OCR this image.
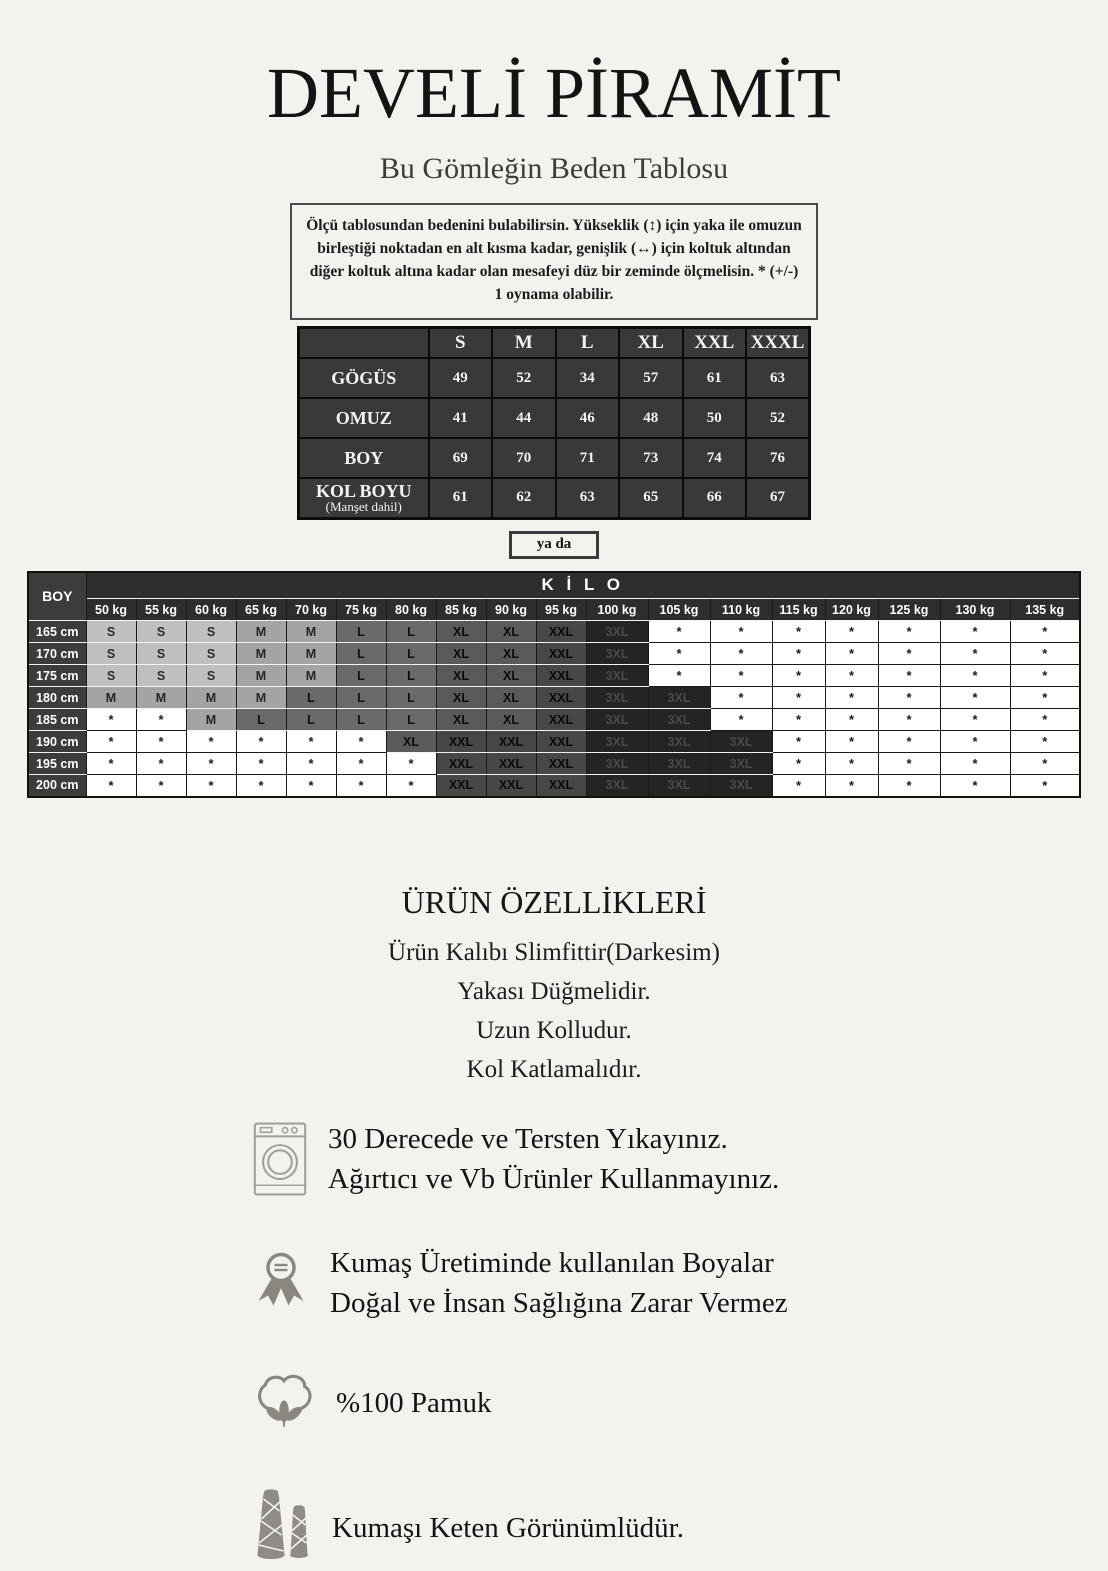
DEVELİ PİRAMİT
Bu Gömleğin Beden Tablosu
Ölçü tablosundan bedenini bulabilirsin. Yükseklik (↕) için yaka ile omuzun birleştiği noktadan en alt kısma kadar, genişlik (↔) için koltuk altından diğer koltuk altına kadar olan mesafeyi düz bir zeminde ölçmelisin. * (+/-) 1 oynama olabilir.
	S	M	L	XL	XXL	XXXL
GÖGÜS	49	52	34	57	61	63
OMUZ	41	44	46	48	50	52
BOY	69	70	71	73	74	76
KOL BOYU
(Manşet dahil)	61	62	63	65	66	67
ya da
BOY	K İ L O																	
	50 kg	55 kg	60 kg	65 kg	70 kg	75 kg	80 kg	85 kg	90 kg	95 kg	100 kg	105 kg	110 kg	115 kg	120 kg	125 kg	130 kg	135 kg
165 cm	S	S	S	M	M	L	L	XL	XL	XXL	3XL	*	*	*	*	*	*	*
170 cm	S	S	S	M	M	L	L	XL	XL	XXL	3XL	*	*	*	*	*	*	*
175 cm	S	S	S	M	M	L	L	XL	XL	XXL	3XL	*	*	*	*	*	*	*
180 cm	M	M	M	M	L	L	L	XL	XL	XXL	3XL	3XL	*	*	*	*	*	*
185 cm	*	*	M	L	L	L	L	XL	XL	XXL	3XL	3XL	*	*	*	*	*	*
190 cm	*	*	*	*	*	*	XL	XXL	XXL	XXL	3XL	3XL	3XL	*	*	*	*	*
195 cm	*	*	*	*	*	*	*	XXL	XXL	XXL	3XL	3XL	3XL	*	*	*	*	*
200 cm	*	*	*	*	*	*	*	XXL	XXL	XXL	3XL	3XL	3XL	*	*	*	*	*
ÜRÜN ÖZELLİKLERİ

Ürün Kalıbı Slimfittir(Darkesim)

Yakası Düğmelidir.

Uzun Kolludur.

Kol Katlamalıdır.

30 Derecede ve Tersten Yıkayınız.
Ağırtıcı ve Vb Ürünler Kullanmayınız.
Kumaş Üretiminde kullanılan Boyalar
Doğal ve İnsan Sağlığına Zarar Vermez
%100 Pamuk
Kumaşı Keten Görünümlüdür.
